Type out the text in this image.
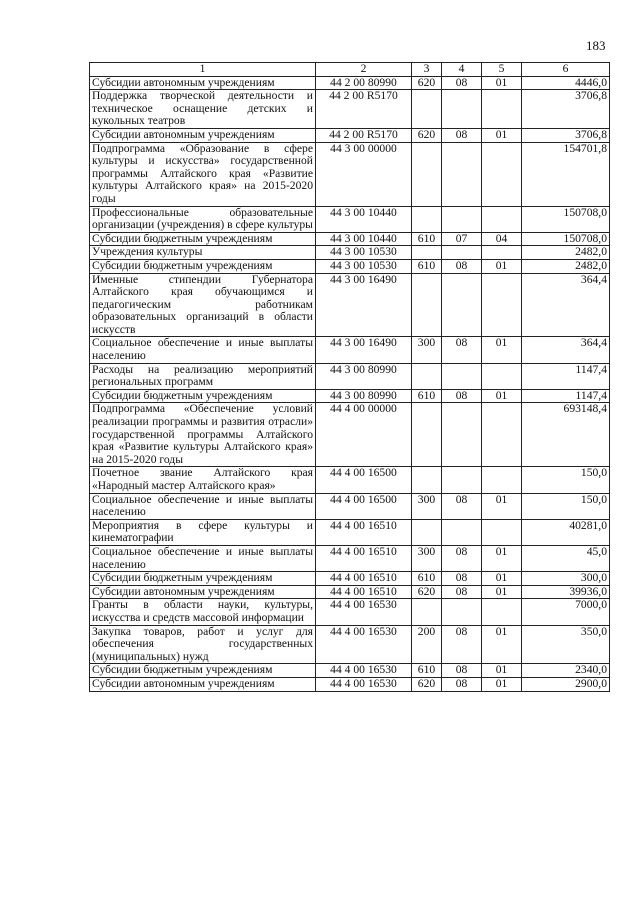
183
1	2	3	4	5	6
Субсидии автономным учреждениям	44 2 00 80990	620	08	01	4446,0
Поддержка творческой деятельности и техническое оснащение детских и кукольных театров	44 2 00 R5170				3706,8
Субсидии автономным учреждениям	44 2 00 R5170	620	08	01	3706,8
Подпрограмма «Образование в сфере культуры и искусства» государственной программы Алтайского края «Развитие культуры Алтайского края» на 2015-2020 годы	44 3 00 00000				154701,8
Профессиональные образовательные организации (учреждения) в сфере культуры	44 3 00 10440				150708,0
Субсидии бюджетным учреждениям	44 3 00 10440	610	07	04	150708,0
Учреждения культуры	44 3 00 10530				2482,0
Субсидии бюджетным учреждениям	44 3 00 10530	610	08	01	2482,0
Именные стипендии Губернатора Алтайского края обучающимся и педагогическим работникам образовательных организаций в области искусств	44 3 00 16490				364,4
Социальное обеспечение и иные выплаты населению	44 3 00 16490	300	08	01	364,4
Расходы на реализацию мероприятий региональных программ	44 3 00 80990				1147,4
Субсидии бюджетным учреждениям	44 3 00 80990	610	08	01	1147,4
Подпрограмма «Обеспечение условий реализации программы и развития отрасли» государственной программы Алтайского края «Развитие культуры Алтайского края» на 2015-2020 годы	44 4 00 00000				693148,4
Почетное звание Алтайского края «Народный мастер Алтайского края»	44 4 00 16500				150,0
Социальное обеспечение и иные выплаты населению	44 4 00 16500	300	08	01	150,0
Мероприятия в сфере культуры и кинематографии	44 4 00 16510				40281,0
Социальное обеспечение и иные выплаты населению	44 4 00 16510	300	08	01	45,0
Субсидии бюджетным учреждениям	44 4 00 16510	610	08	01	300,0
Субсидии автономным учреждениям	44 4 00 16510	620	08	01	39936,0
Гранты в области науки, культуры, искусства и средств массовой информации	44 4 00 16530				7000,0
Закупка товаров, работ и услуг для обеспечения государственных (муниципальных) нужд	44 4 00 16530	200	08	01	350,0
Субсидии бюджетным учреждениям	44 4 00 16530	610	08	01	2340,0
Субсидии автономным учреждениям	44 4 00 16530	620	08	01	2900,0
